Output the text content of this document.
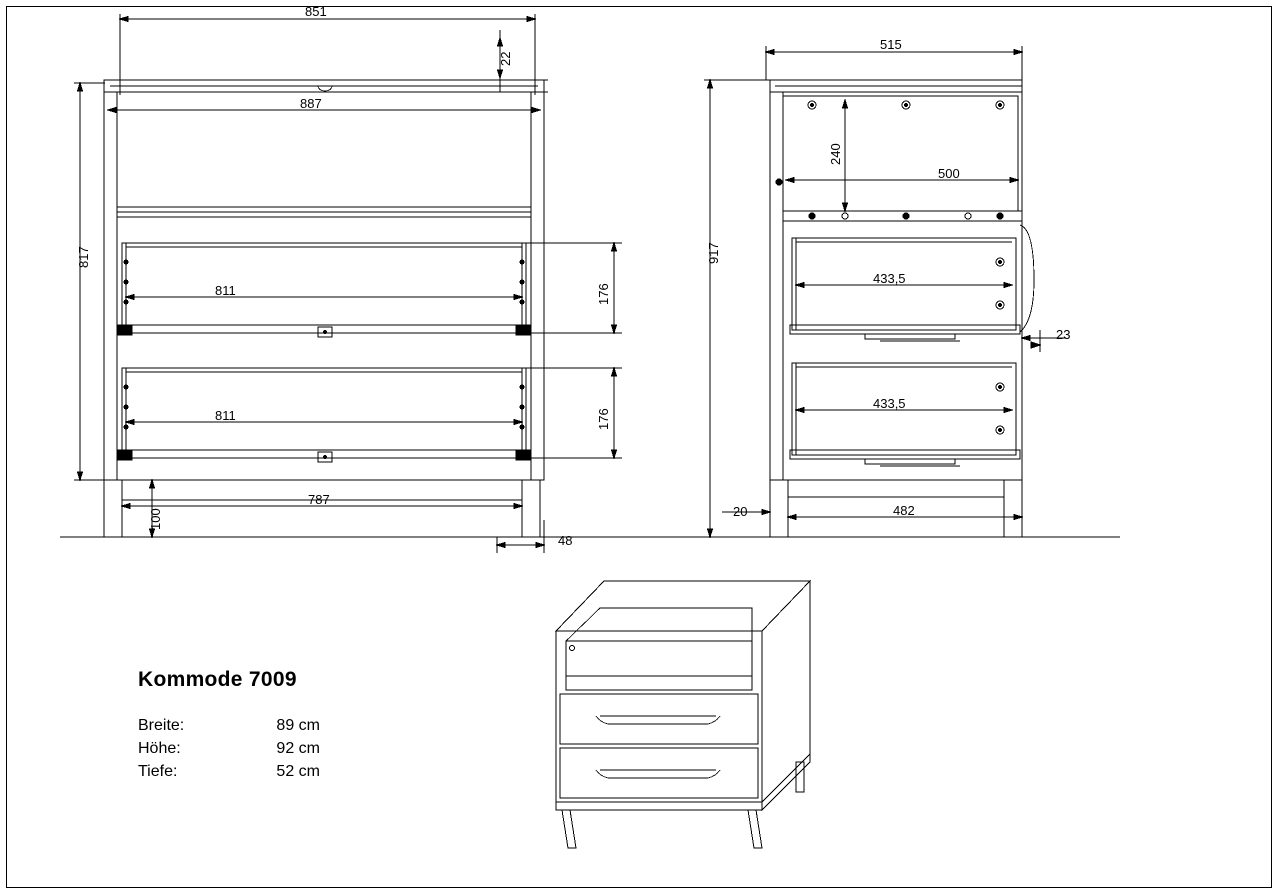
851
22
887
817
811
811
176
176
100
787
48
515
240
500
917
433,5
433,5
23
20	482
Kommode 7009
Breite:	89 cm
Höhe:	92 cm
Tiefe:	52 cm
